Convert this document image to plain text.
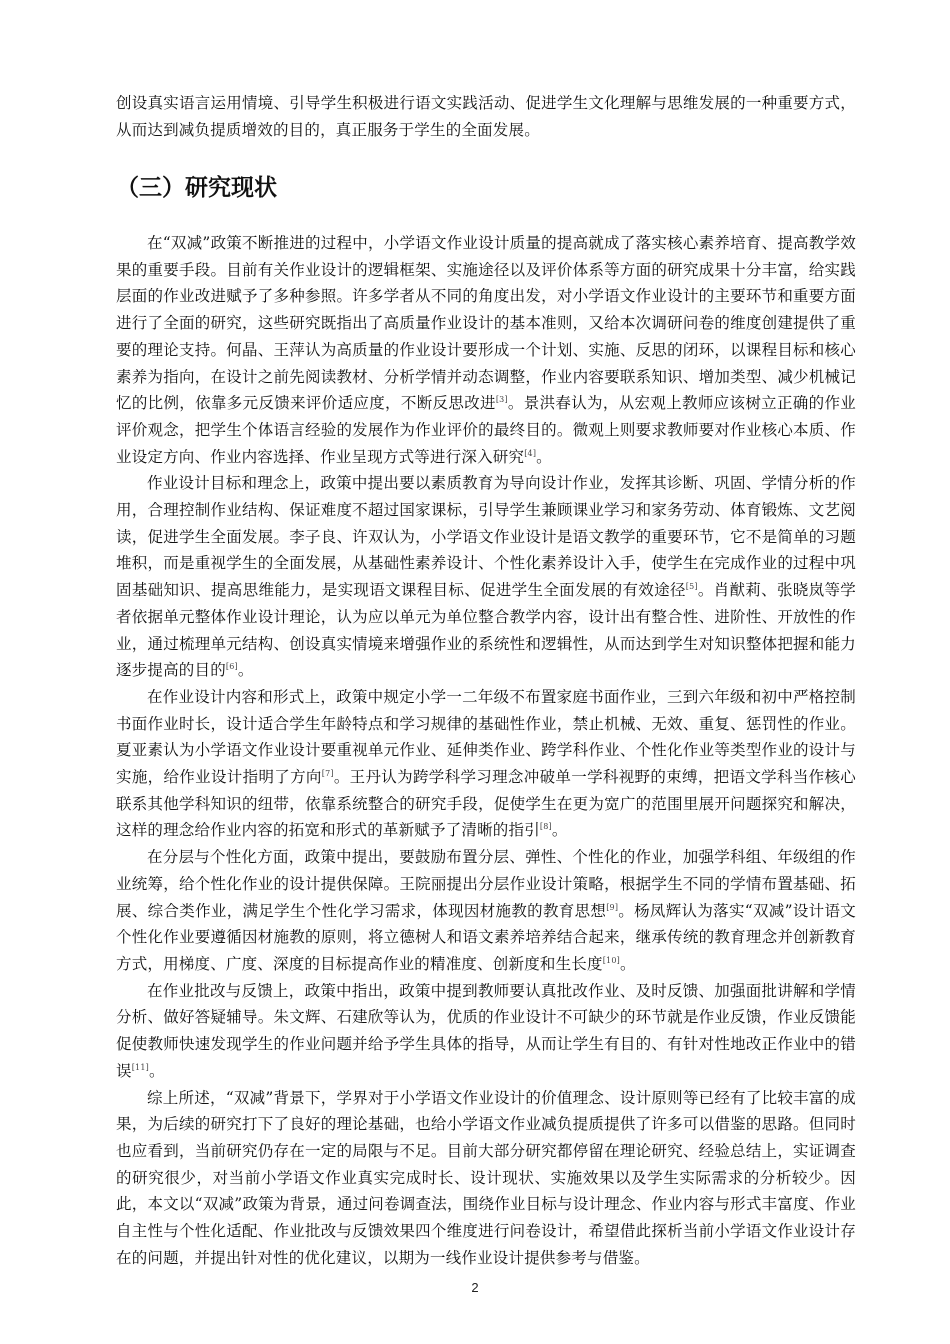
创设真实语言运用情境、引导学生积极进行语文实践活动、促进学生文化理解与思维发展的一种重要方式，从而达到减负提质增效的目的，真正服务于学生的全面发展。

（三）研究现状

在“双减”政策不断推进的过程中，小学语文作业设计质量的提高就成了落实核心素养培育、提高教学效果的重要手段。目前有关作业设计的逻辑框架、实施途径以及评价体系等方面的研究成果十分丰富，给实践层面的作业改进赋予了多种参照。许多学者从不同的角度出发，对小学语文作业设计的主要环节和重要方面进行了全面的研究，这些研究既指出了高质量作业设计的基本准则，又给本次调研问卷的维度创建提供了重要的理论支持。何晶、王萍认为高质量的作业设计要形成一个计划、实施、反思的闭环，以课程目标和核心素养为指向，在设计之前先阅读教材、分析学情并动态调整，作业内容要联系知识、增加类型、减少机械记忆的比例，依靠多元反馈来评价适应度，不断反思改进[3]。景洪春认为，从宏观上教师应该树立正确的作业评价观念，把学生个体语言经验的发展作为作业评价的最终目的。微观上则要求教师要对作业核心本质、作业设定方向、作业内容选择、作业呈现方式等进行深入研究[4]。

作业设计目标和理念上，政策中提出要以素质教育为导向设计作业，发挥其诊断、巩固、学情分析的作用，合理控制作业结构、保证难度不超过国家课标，引导学生兼顾课业学习和家务劳动、体育锻炼、文艺阅读，促进学生全面发展。李子良、许双认为，小学语文作业设计是语文教学的重要环节，它不是简单的习题堆积，而是重视学生的全面发展，从基础性素养设计、个性化素养设计入手，使学生在完成作业的过程中巩固基础知识、提高思维能力，是实现语文课程目标、促进学生全面发展的有效途径[5]。肖猷莉、张晓岚等学者依据单元整体作业设计理论，认为应以单元为单位整合教学内容，设计出有整合性、进阶性、开放性的作业，通过梳理单元结构、创设真实情境来增强作业的系统性和逻辑性，从而达到学生对知识整体把握和能力逐步提高的目的[6]。

在作业设计内容和形式上，政策中规定小学一二年级不布置家庭书面作业，三到六年级和初中严格控制书面作业时长，设计适合学生年龄特点和学习规律的基础性作业，禁止机械、无效、重复、惩罚性的作业。夏亚素认为小学语文作业设计要重视单元作业、延伸类作业、跨学科作业、个性化作业等类型作业的设计与实施，给作业设计指明了方向[7]。王丹认为跨学科学习理念冲破单一学科视野的束缚，把语文学科当作核心联系其他学科知识的纽带，依靠系统整合的研究手段，促使学生在更为宽广的范围里展开问题探究和解决，这样的理念给作业内容的拓宽和形式的革新赋予了清晰的指引[8]。

在分层与个性化方面，政策中提出，要鼓励布置分层、弹性、个性化的作业，加强学科组、年级组的作业统筹，给个性化作业的设计提供保障。王院丽提出分层作业设计策略，根据学生不同的学情布置基础、拓展、综合类作业，满足学生个性化学习需求，体现因材施教的教育思想[9]。杨凤辉认为落实“双减”设计语文个性化作业要遵循因材施教的原则，将立德树人和语文素养培养结合起来，继承传统的教育理念并创新教育方式，用梯度、广度、深度的目标提高作业的精准度、创新度和生长度[10]。

在作业批改与反馈上，政策中指出，政策中提到教师要认真批改作业、及时反馈、加强面批讲解和学情分析、做好答疑辅导。朱文辉、石建欣等认为，优质的作业设计不可缺少的环节就是作业反馈，作业反馈能促使教师快速发现学生的作业问题并给予学生具体的指导，从而让学生有目的、有针对性地改正作业中的错误[11]。

综上所述，“双减”背景下，学界对于小学语文作业设计的价值理念、设计原则等已经有了比较丰富的成果，为后续的研究打下了良好的理论基础，也给小学语文作业减负提质提供了许多可以借鉴的思路。但同时也应看到，当前研究仍存在一定的局限与不足。目前大部分研究都停留在理论研究、经验总结上，实证调查的研究很少，对当前小学语文作业真实完成时长、设计现状、实施效果以及学生实际需求的分析较少。因此，本文以“双减”政策为背景，通过问卷调查法，围绕作业目标与设计理念、作业内容与形式丰富度、作业自主性与个性化适配、作业批改与反馈效果四个维度进行问卷设计，希望借此探析当前小学语文作业设计存在的问题，并提出针对性的优化建议，以期为一线作业设计提供参考与借鉴。

2
